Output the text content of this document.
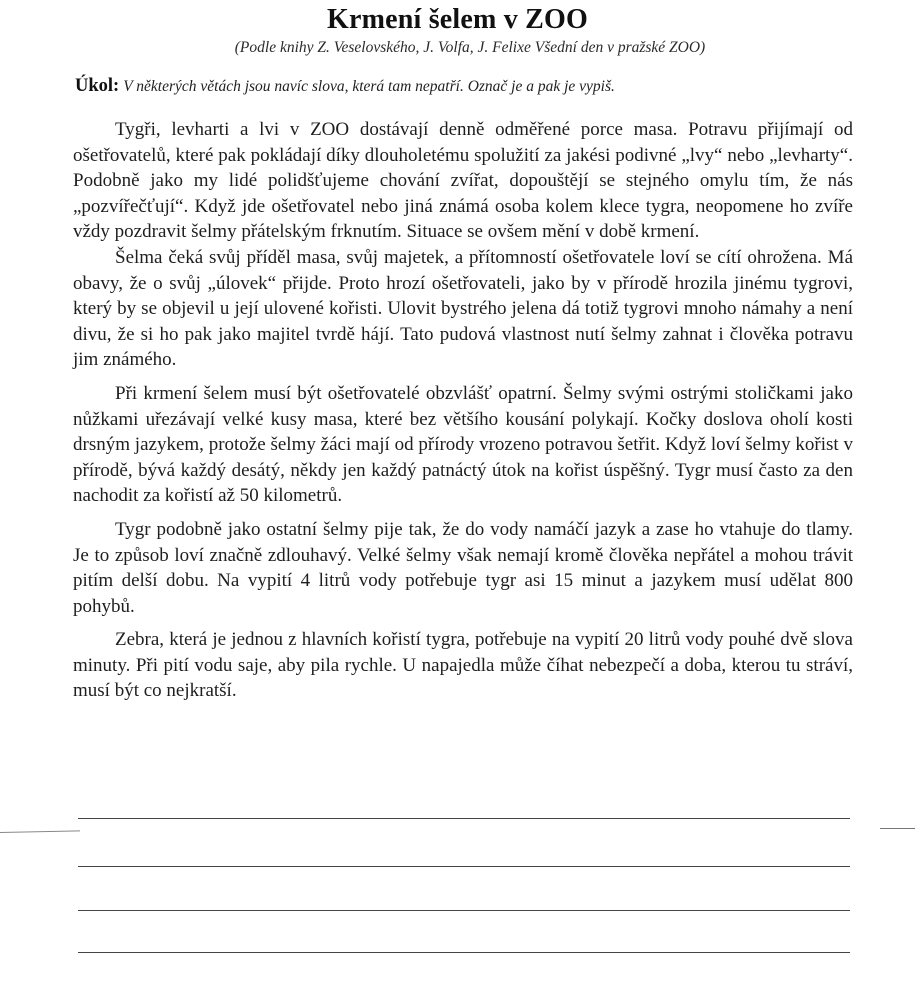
Krmení šelem v ZOO
(Podle knihy Z. Veselovského, J. Volfa, J. Felixe Všední den v pražské ZOO)
Úkol: V některých větách jsou navíc slova, která tam nepatří. Označ je a pak je vypiš.

Tygři, levharti a lvi v ZOO dostávají denně odměřené porce masa. Potravu přijímají od ošetřovatelů, které pak pokládají díky dlouholetému spolužití za jakési podivné „lvy“ nebo „levharty“. Podobně jako my lidé polidšťujeme chování zvířat, dopouštějí se stejného omylu tím, že nás „pozvířečťují“. Když jde ošetřovatel nebo jiná známá osoba kolem klece tygra, neopomene ho zvíře vždy pozdravit šelmy přátelským frknutím. Situace se ovšem mění v době krmení.

Šelma čeká svůj příděl masa, svůj majetek, a přítomností ošetřovatele loví se cítí ohrožena. Má obavy, že o svůj „úlovek“ přijde. Proto hrozí ošetřovateli, jako by v přírodě hrozila jinému tygrovi, který by se objevil u její ulovené kořisti. Ulovit bystrého jelena dá totiž tygrovi mnoho námahy a není divu, že si ho pak jako majitel tvrdě hájí. Tato pudová vlastnost nutí šelmy zahnat i člověka potravu jim známého.

Při krmení šelem musí být ošetřovatelé obzvlášť opatrní. Šelmy svými ostrými stoličkami jako nůžkami uřezávají velké kusy masa, které bez většího kousání polykají. Kočky doslova oholí kosti drsným jazykem, protože šelmy žáci mají od přírody vrozeno potravou šetřit. Když loví šelmy kořist v přírodě, bývá každý desátý, někdy jen každý patnáctý útok na kořist úspěšný. Tygr musí často za den nachodit za kořistí až 50 kilometrů.

Tygr podobně jako ostatní šelmy pije tak, že do vody namáčí jazyk a zase ho vtahuje do tlamy. Je to způsob loví značně zdlouhavý. Velké šelmy však nemají kromě člověka nepřátel a mohou trávit pitím delší dobu. Na vypití 4 litrů vody potřebuje tygr asi 15 minut a jazykem musí udělat 800 pohybů.

Zebra, která je jednou z hlavních kořistí tygra, potřebuje na vypití 20 litrů vody pouhé dvě slova minuty. Při pití vodu saje, aby pila rychle. U napajedla může číhat nebezpečí a doba, kterou tu stráví, musí být co nejkratší.
